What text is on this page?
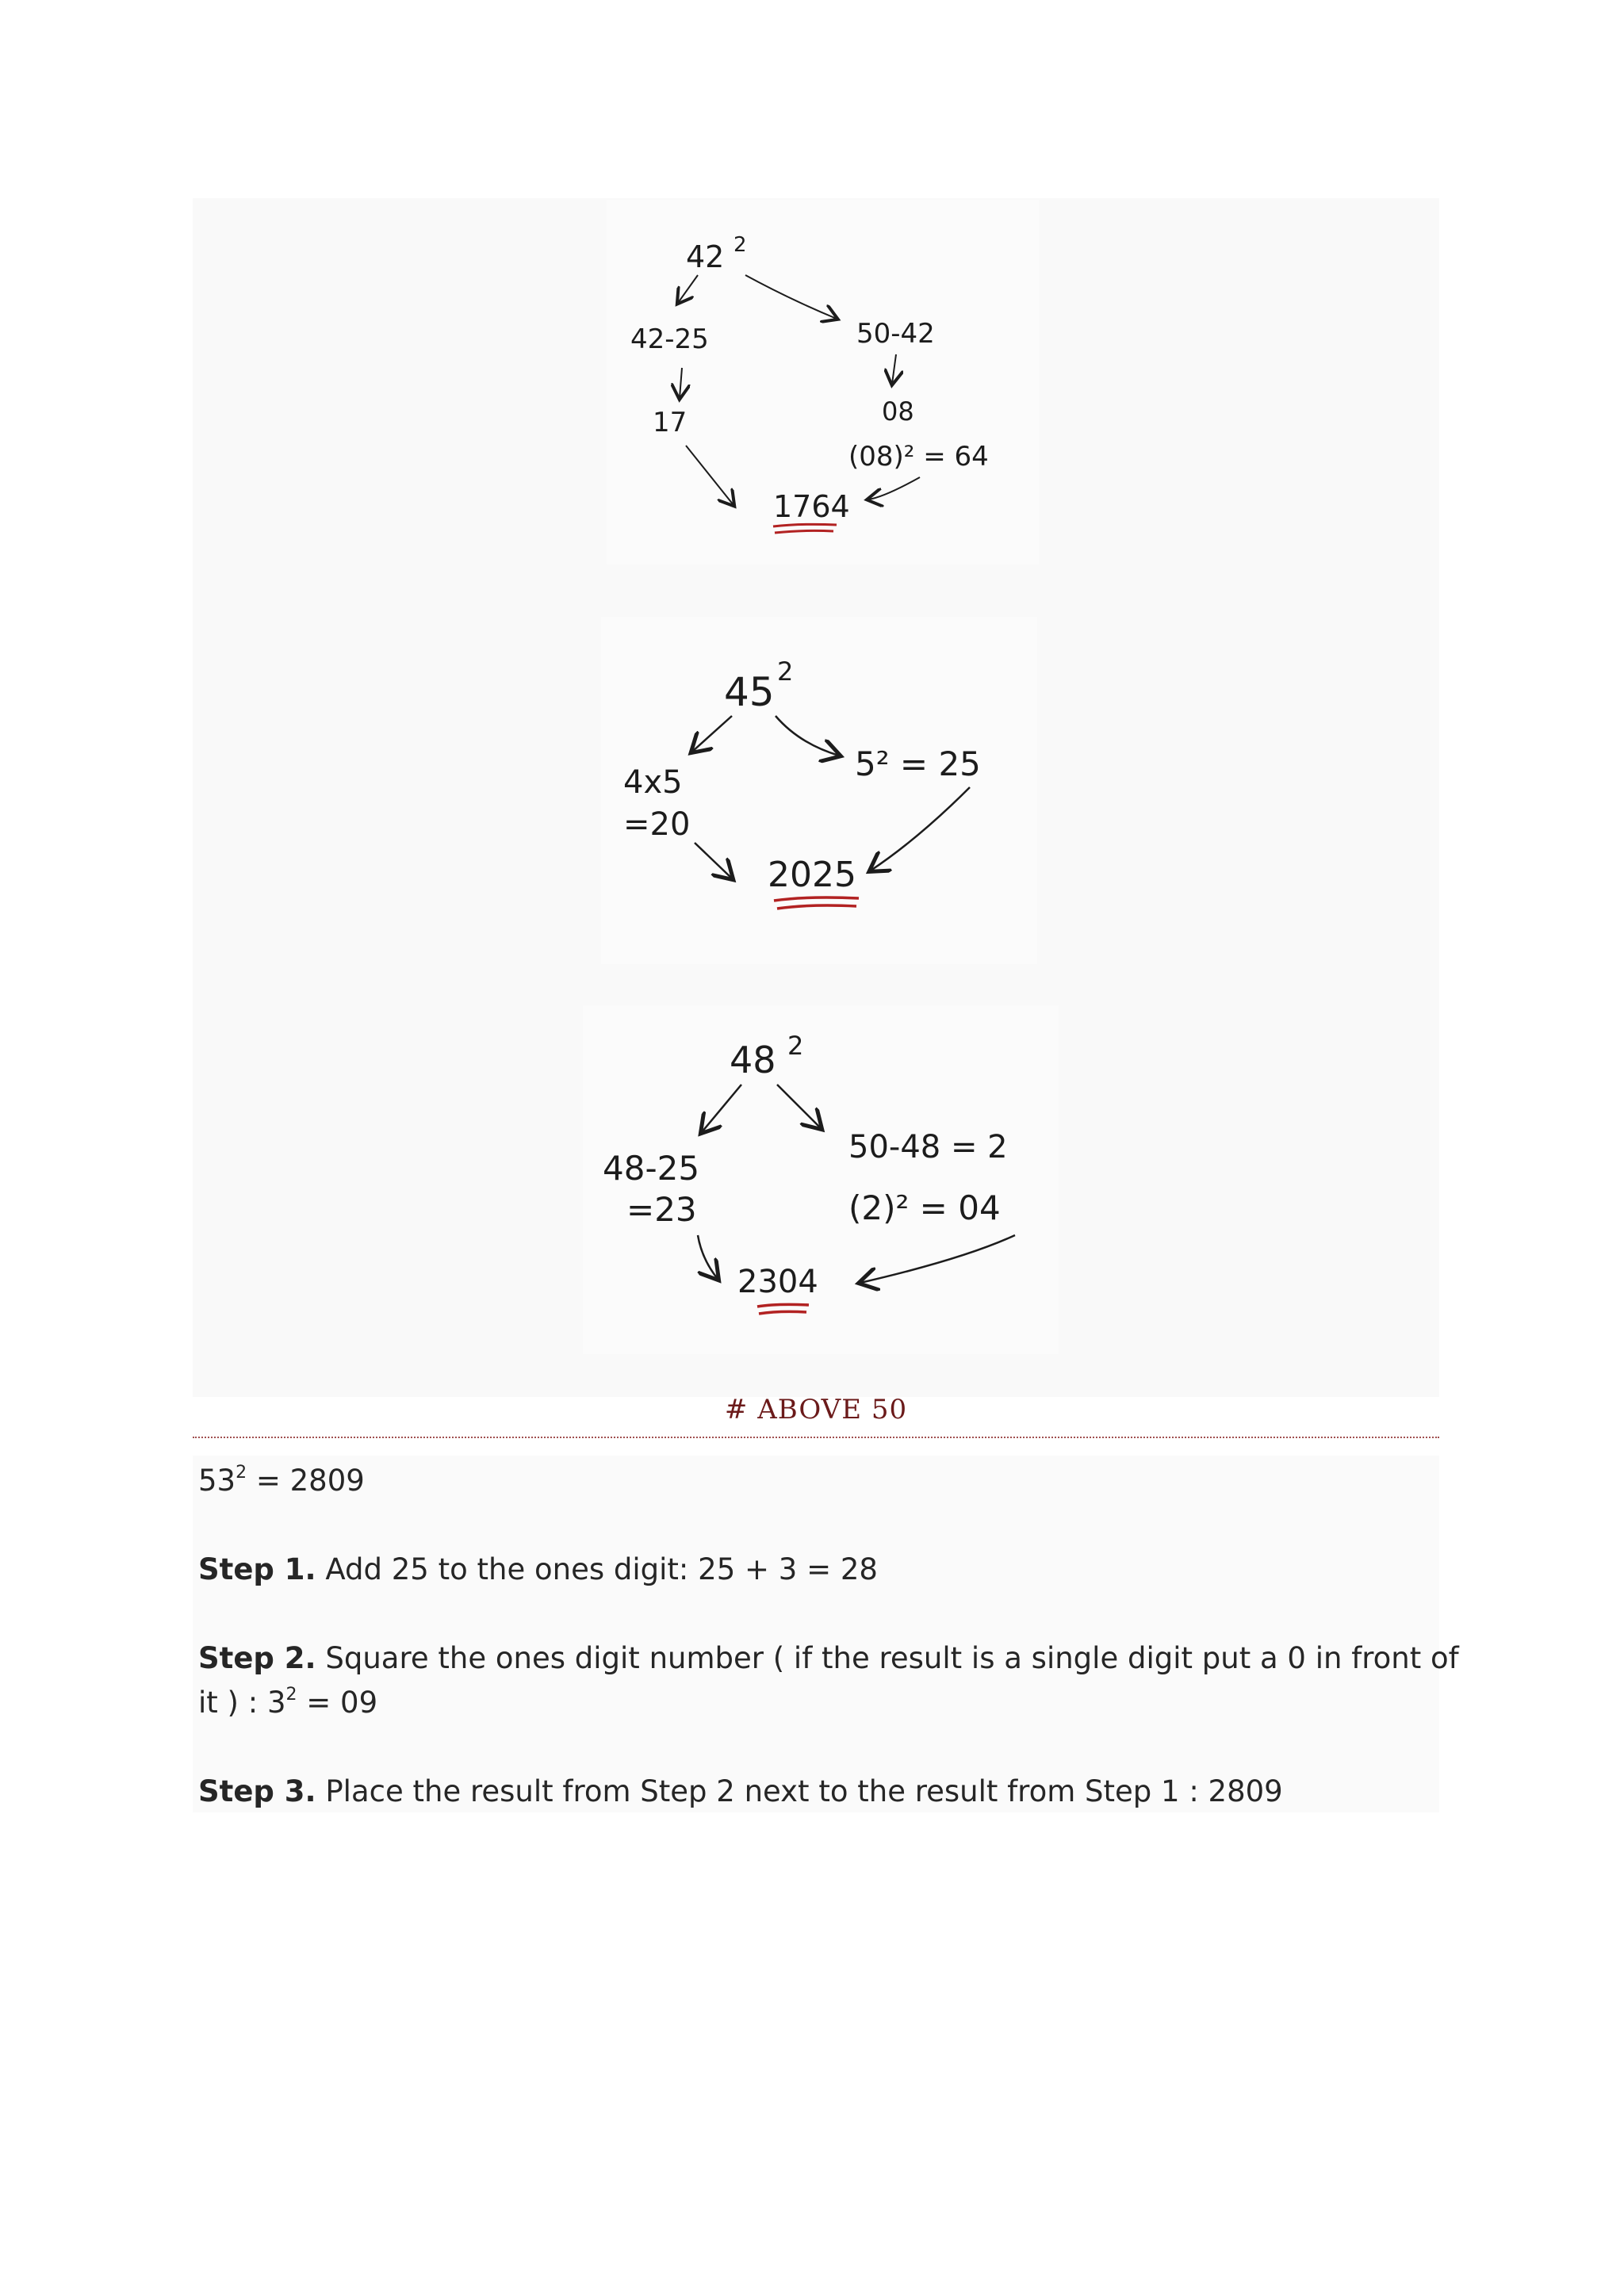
42 2
42-25	50-42
17	08
(08)² = 64
1764
45 2
4x5	5² = 25
=20
2025
48 2
48-25
50-48 = 2
=23	(2)² = 04
2304
# ABOVE 50
$53^2 = 2809$
Step 1. Add 25 to the ones digit: 25 + 3 = 28
Step 2. Square the ones digit number ( if the result is a single digit put a 0 in front of
it ) : $3^2 = 09$
Step 3. Place the result from Step 2 next to the result from Step 1 : 2809
